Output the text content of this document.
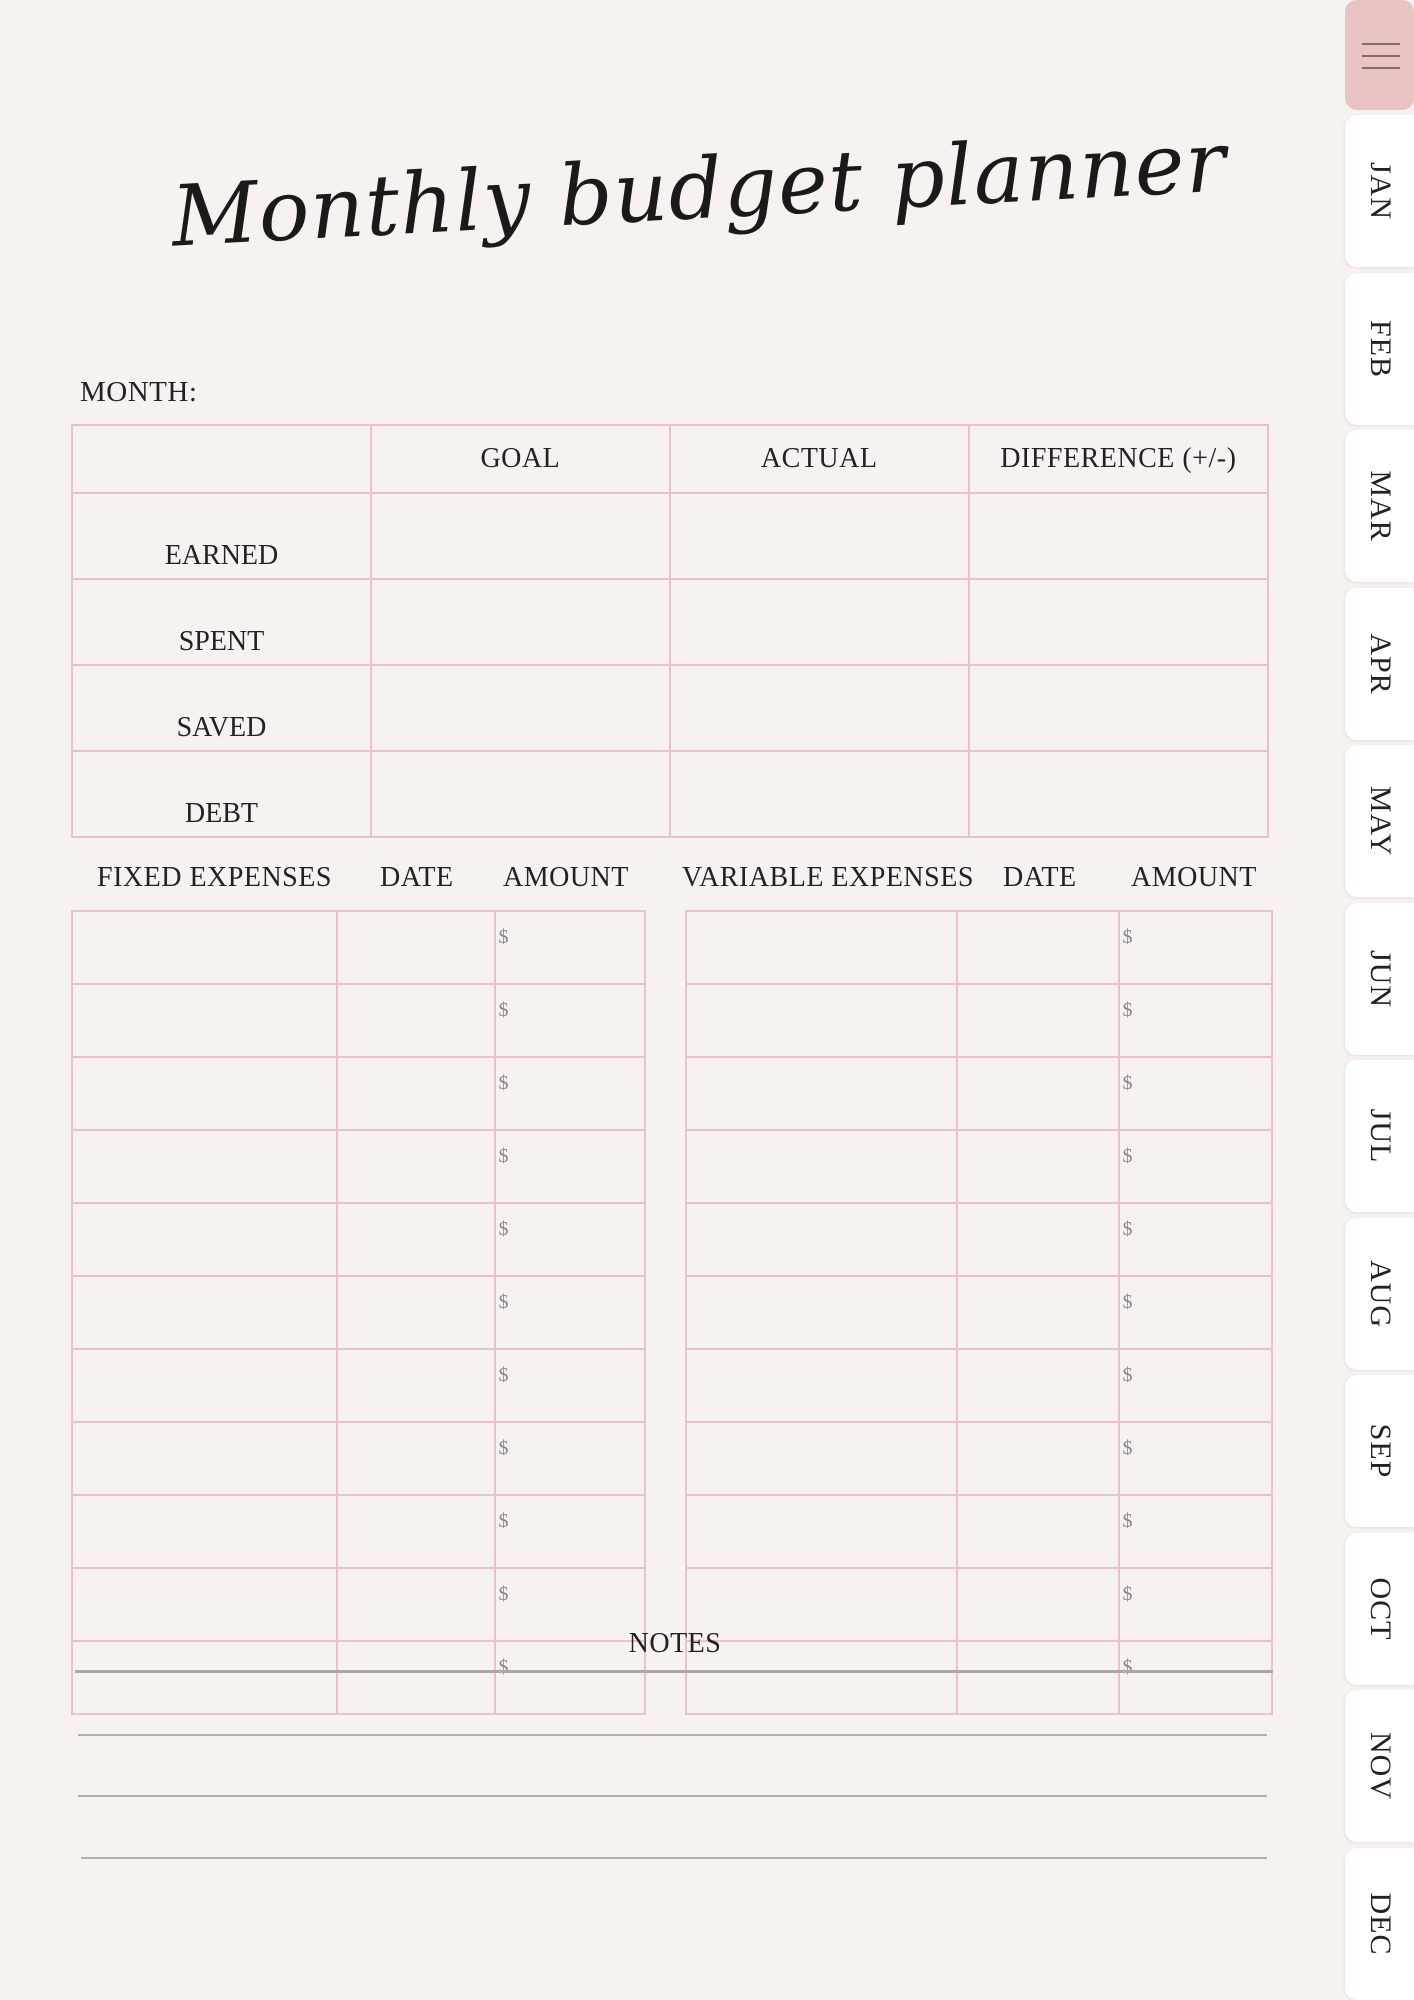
Monthly budget planner
MONTH:
	GOAL	ACTUAL	DIFFERENCE (+/-)
EARNED			
SPENT			
SAVED			
DEBT			
FIXED EXPENSES DATE AMOUNT VARIABLE EXPENSES DATE AMOUNT
		$
		$
		$
		$
		$
		$
		$
		$
		$
		$
		$
		$
		$
		$
		$
		$
		$
		$
		$
		$
		$
		$
NOTES
JAN
FEB
MAR
APR
MAY
JUN
JUL
AUG
SEP
OCT
NOV
DEC
